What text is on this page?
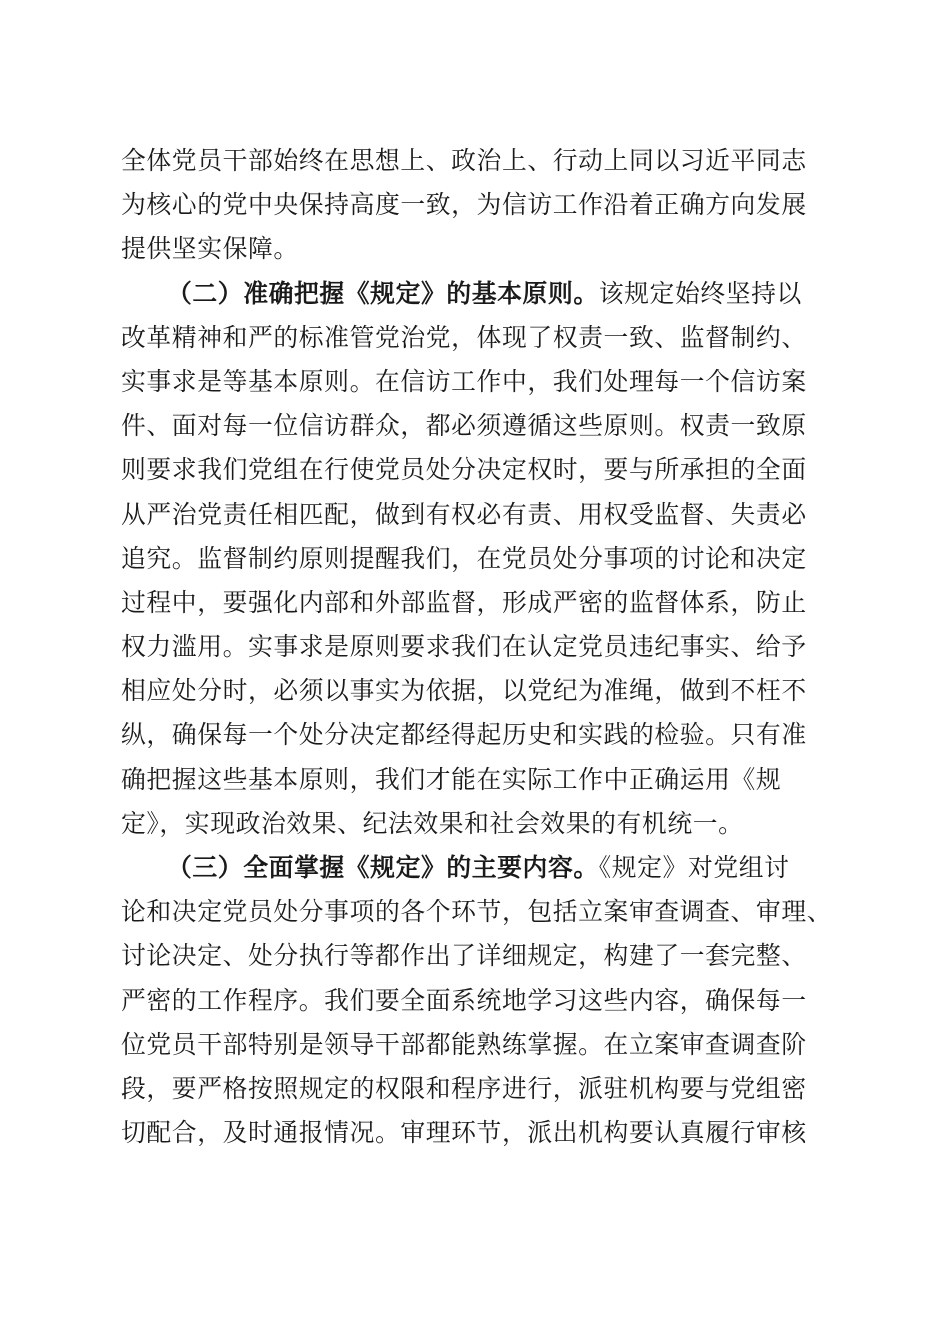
全体党员干部始终在思想上、政治上、行动上同以习近平同志
为核心的党中央保持高度一致，为信访工作沿着正确方向发展
提供坚实保障。
（二）准确把握《规定》的基本原则。该规定始终坚持以
改革精神和严的标准管党治党，体现了权责一致、监督制约、
实事求是等基本原则。在信访工作中，我们处理每一个信访案
件、面对每一位信访群众，都必须遵循这些原则。权责一致原
则要求我们党组在行使党员处分决定权时，要与所承担的全面
从严治党责任相匹配，做到有权必有责、用权受监督、失责必
追究。监督制约原则提醒我们，在党员处分事项的讨论和决定
过程中，要强化内部和外部监督，形成严密的监督体系，防止
权力滥用。实事求是原则要求我们在认定党员违纪事实、给予
相应处分时，必须以事实为依据，以党纪为准绳，做到不枉不
纵，确保每一个处分决定都经得起历史和实践的检验。只有准
确把握这些基本原则，我们才能在实际工作中正确运用《规
定》，实现政治效果、纪法效果和社会效果的有机统一。
（三）全面掌握《规定》的主要内容。《规定》对党组讨
论和决定党员处分事项的各个环节，包括立案审查调查、审理、
讨论决定、处分执行等都作出了详细规定，构建了一套完整、
严密的工作程序。我们要全面系统地学习这些内容，确保每一
位党员干部特别是领导干部都能熟练掌握。在立案审查调查阶
段，要严格按照规定的权限和程序进行，派驻机构要与党组密
切配合，及时通报情况。审理环节，派出机构要认真履行审核
